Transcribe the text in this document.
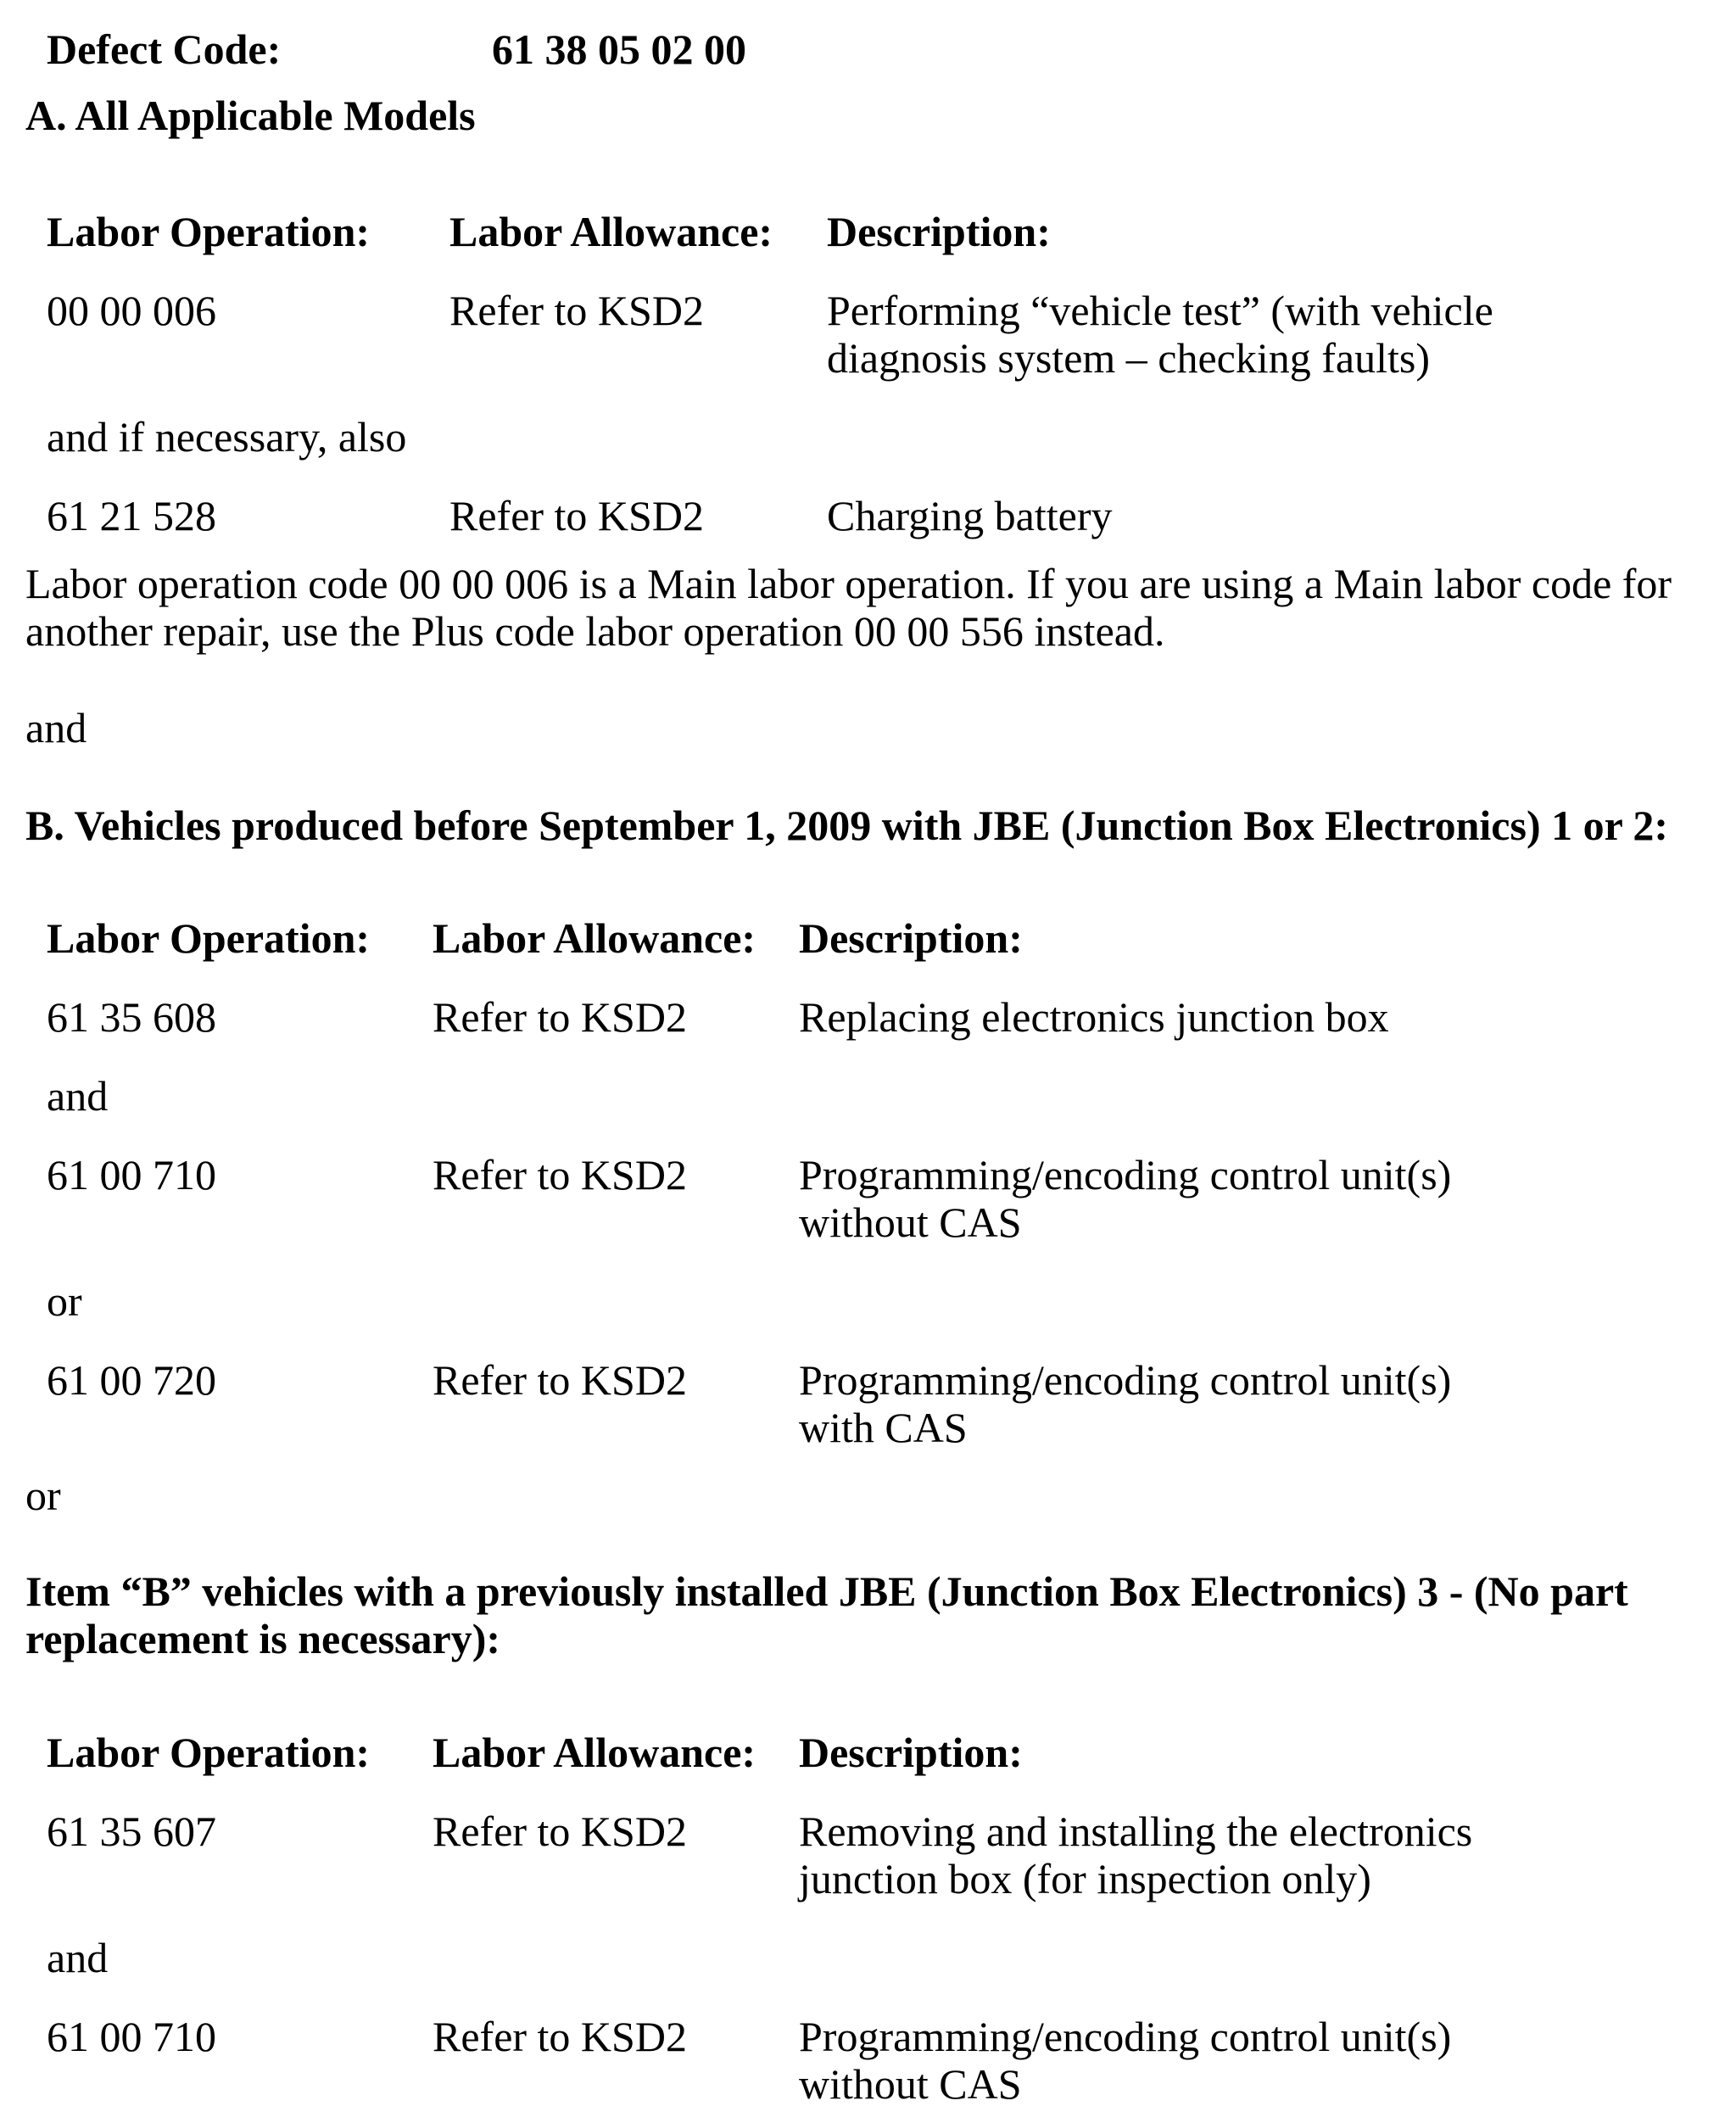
Defect Code:	61 38 05 02 00
A. All Applicable Models
Labor Operation: Labor Allowance: Description:
00 00 006	Refer to KSD2	Performing “vehicle test” (with vehicle
diagnosis system – checking faults)
and if necessary, also
61 21 528	Refer to KSD2	Charging battery
Labor operation code 00 00 006 is a Main labor operation. If you are using a Main labor code for
another repair, use the Plus code labor operation 00 00 556 instead.
and
B. Vehicles produced before September 1, 2009 with JBE (Junction Box Electronics) 1 or 2:
Labor Operation: Labor Allowance: Description:
61 35 608	Refer to KSD2	Replacing electronics junction box
and
61 00 710	Refer to KSD2	Programming/encoding control unit(s)
without CAS
or
61 00 720	Refer to KSD2	Programming/encoding control unit(s)
with CAS
or
Item “B” vehicles with a previously installed JBE (Junction Box Electronics) 3 - (No part
replacement is necessary):
Labor Operation: Labor Allowance: Description:
61 35 607	Refer to KSD2	Removing and installing the electronics
junction box (for inspection only)
and
61 00 710	Refer to KSD2	Programming/encoding control unit(s)
without CAS
